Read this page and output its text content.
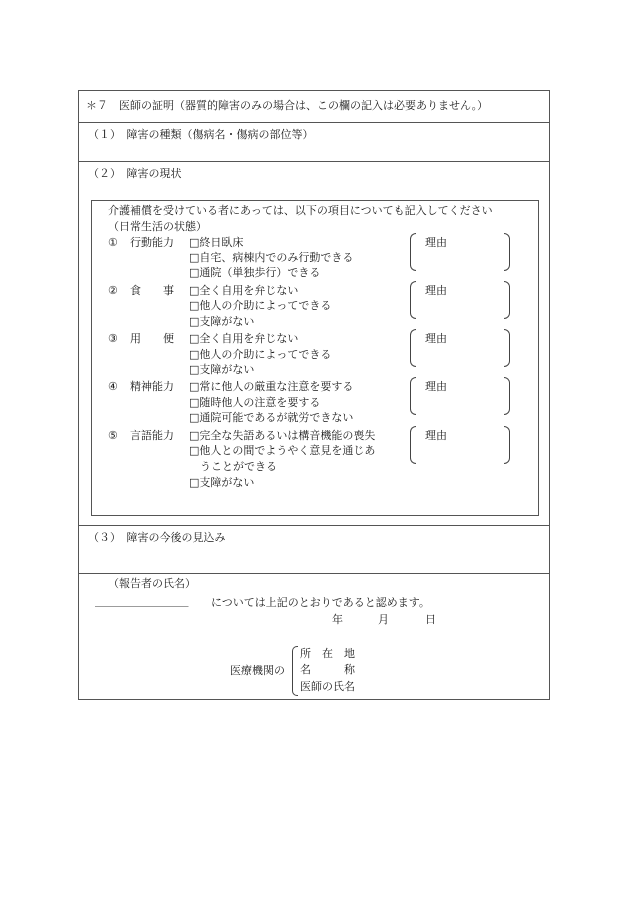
＊７　医師の証明（器質的障害のみの場合は、この欄の記入は必要ありません。）
（１）　障害の種類（傷病名・傷病の部位等）
（２）　障害の現状
介護補償を受けている者にあっては、以下の項目についても記入してください
（日常生活の状態）
① 行動能力 □終日臥床
□自宅、病棟内でのみ行動できる
□通院（単独歩行）できる
理由
② 食　　事 □全く自用を弁じない
□他人の介助によってできる
□支障がない
理由
③ 用　　便 □全く自用を弁じない
□他人の介助によってできる
□支障がない
理由
④ 精神能力 □常に他人の厳重な注意を要する
□随時他人の注意を要する
□通院可能であるが就労できない
理由
⑤ 言語能力 □完全な失語あるいは構音機能の喪失
□他人との間でようやく意見を通じあ
うことができる
□支障がない
理由
（３）　障害の今後の見込み
（報告者の氏名）
_________________ については上記のとおりであると認めます。
年	月	日
医療機関の
所　在　地
名　　　称
医師の氏名
